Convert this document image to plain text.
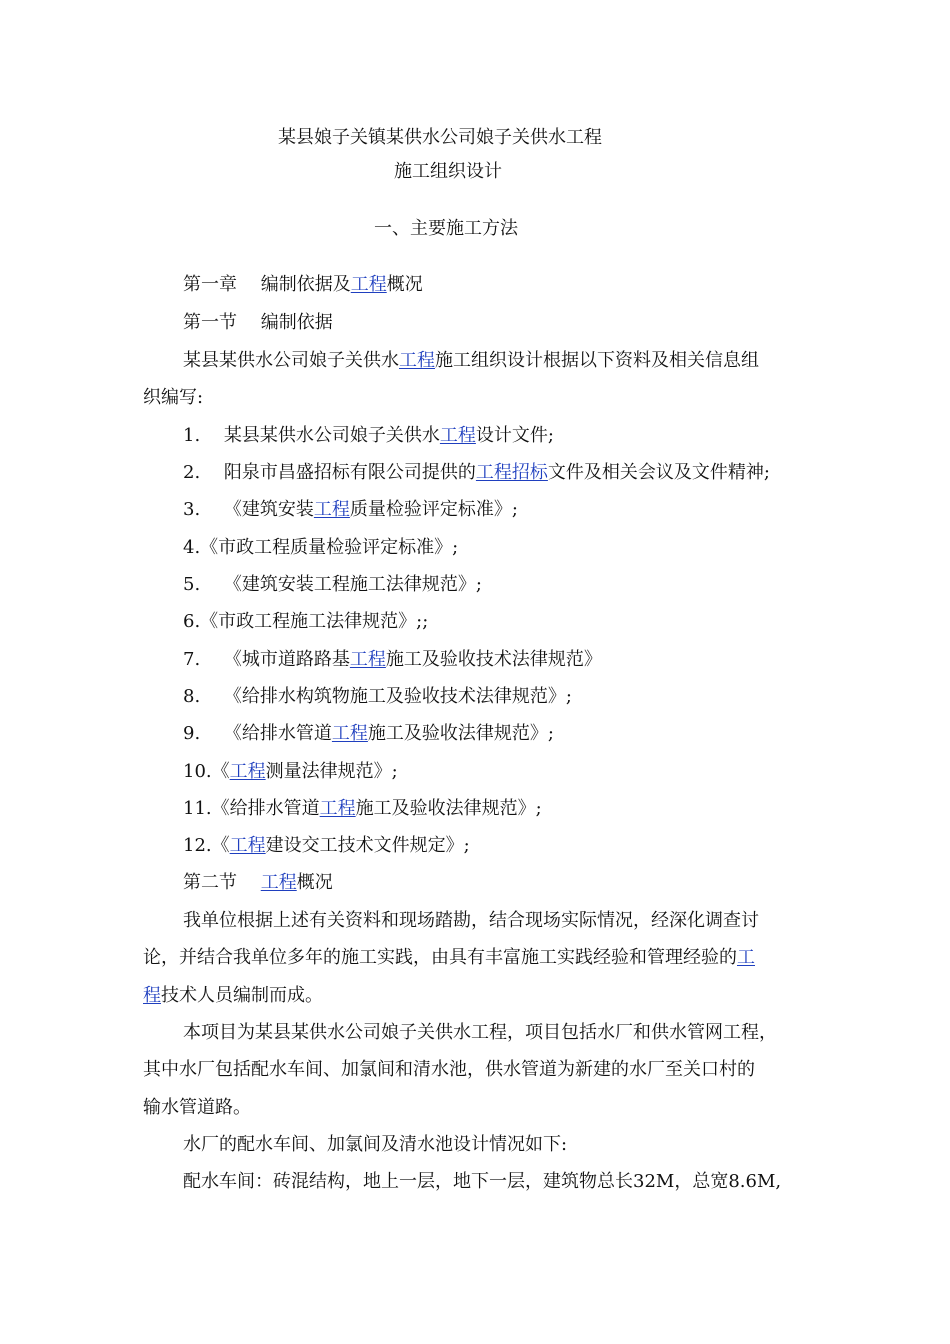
某县娘子关镇某供水公司娘子关供水工程
施工组织设计
一、主要施工方法
第一章　 编制依据及工程概况
第一节　 编制依据
某县某供水公司娘子关供水工程施工组织设计根据以下资料及相关信息组
织编写:
1.　 某县某供水公司娘子关供水工程设计文件;
2.　 阳泉市昌盛招标有限公司提供的工程招标文件及相关会议及文件精神;
3.　 《建筑安装工程质量检验评定标准》;
4.《市政工程质量检验评定标准》;
5.　 《建筑安装工程施工法律规范》;
6.《市政工程施工法律规范》;;
7.　 《城市道路路基工程施工及验收技术法律规范》
8.　 《给排水构筑物施工及验收技术法律规范》;
9.　 《给排水管道工程施工及验收法律规范》;
10.《工程测量法律规范》;
11.《给排水管道工程施工及验收法律规范》;
12.《工程建设交工技术文件规定》;
第二节　 工程概况
我单位根据上述有关资料和现场踏勘，结合现场实际情况，经深化调查讨
论，并结合我单位多年的施工实践，由具有丰富施工实践经验和管理经验的工
程技术人员编制而成。
本项目为某县某供水公司娘子关供水工程，项目包括水厂和供水管网工程，
其中水厂包括配水车间、加氯间和清水池，供水管道为新建的水厂至关口村的
输水管道路。
水厂的配水车间、加氯间及清水池设计情况如下:
配水车间：砖混结构，地上一层，地下一层，建筑物总长32M，总宽8.6M,
